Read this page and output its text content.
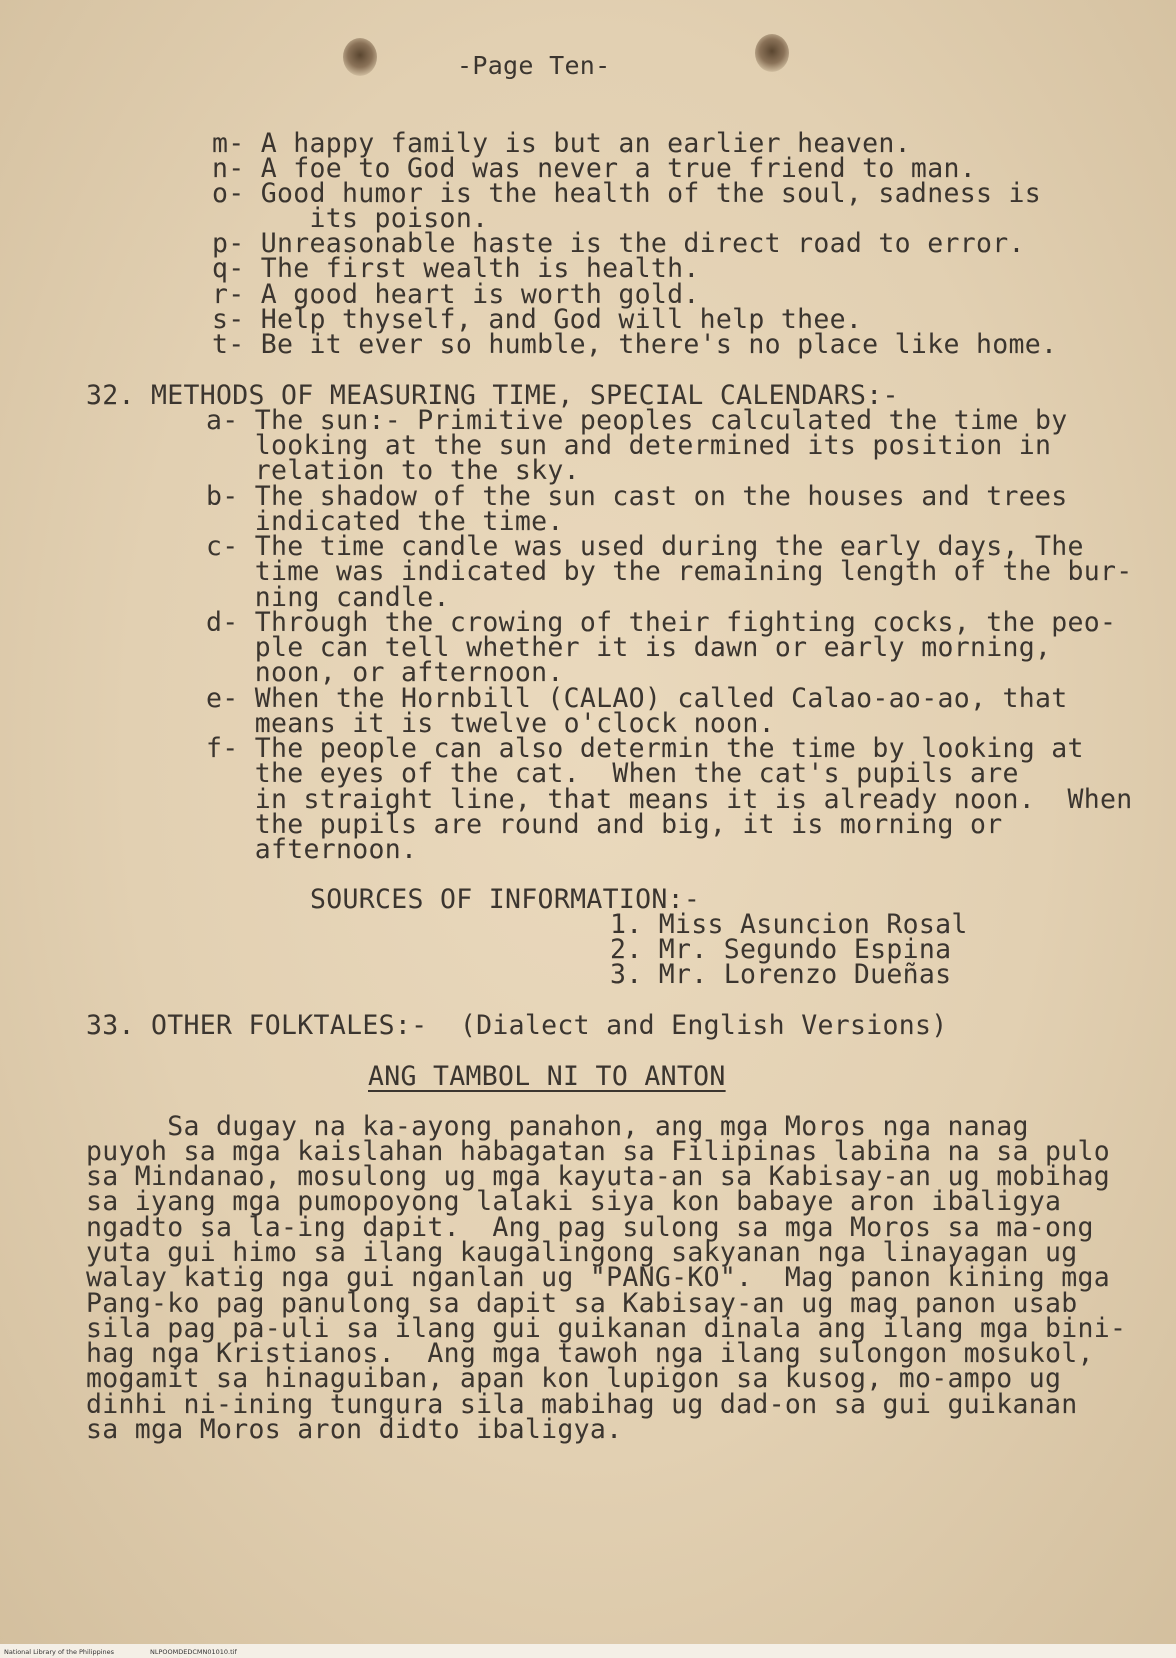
-Page Ten-
m- A happy family is but an earlier heaven.
n- A foe to God was never a true friend to man.
o- Good humor is the health of the soul, sadness is
its poison.
p- Unreasonable haste is the direct road to error.
q- The first wealth is health.
r- A good heart is worth gold.
s- Help thyself, and God will help thee.
t- Be it ever so humble, there's no place like home.
32. METHODS OF MEASURING TIME, SPECIAL CALENDARS:-
a- The sun:- Primitive peoples calculated the time by
looking at the sun and determined its position in
relation to the sky.
b- The shadow of the sun cast on the houses and trees
indicated the time.
c- The time candle was used during the early days, The
time was indicated by the remaining length of the bur-
ning candle.
d- Through the crowing of their fighting cocks, the peo-
ple can tell whether it is dawn or early morning,
noon, or afternoon.
e- When the Hornbill (CALAO) called Calao-ao-ao, that
means it is twelve o'clock noon.
f- The people can also determin the time by looking at
the eyes of the cat.  When the cat's pupils are
in straight line, that means it is already noon.  When
the pupils are round and big, it is morning or
afternoon.
SOURCES OF INFORMATION:-
1. Miss Asuncion Rosal
2. Mr. Segundo Espina
3. Mr. Lorenzo Dueñas
33. OTHER FOLKTALES:-  (Dialect and English Versions)
ANG TAMBOL NI TO ANTON
Sa dugay na ka-ayong panahon, ang mga Moros nga nanag
puyoh sa mga kaislahan habagatan sa Filipinas labina na sa pulo
sa Mindanao, mosulong ug mga kayuta-an sa Kabisay-an ug mobihag
sa iyang mga pumopoyong lalaki siya kon babaye aron ibaligya
ngadto sa la-ing dapit.  Ang pag sulong sa mga Moros sa ma-ong
yuta gui himo sa ilang kaugalingong sakyanan nga linayagan ug
walay katig nga gui nganlan ug "PANG-KO".  Mag panon kining mga
Pang-ko pag panulong sa dapit sa Kabisay-an ug mag panon usab
sila pag pa-uli sa ilang gui guikanan dinala ang ilang mga bini-
hag nga Kristianos.  Ang mga tawoh nga ilang sulongon mosukol,
mogamit sa hinaguiban, apan kon lupigon sa kusog, mo-ampo ug
dinhi ni-ining tungura sila mabihag ug dad-on sa gui guikanan
sa mga Moros aron didto ibaligya.
National Library of the Philippines	NLPOOMDEDCMN01010.tif
